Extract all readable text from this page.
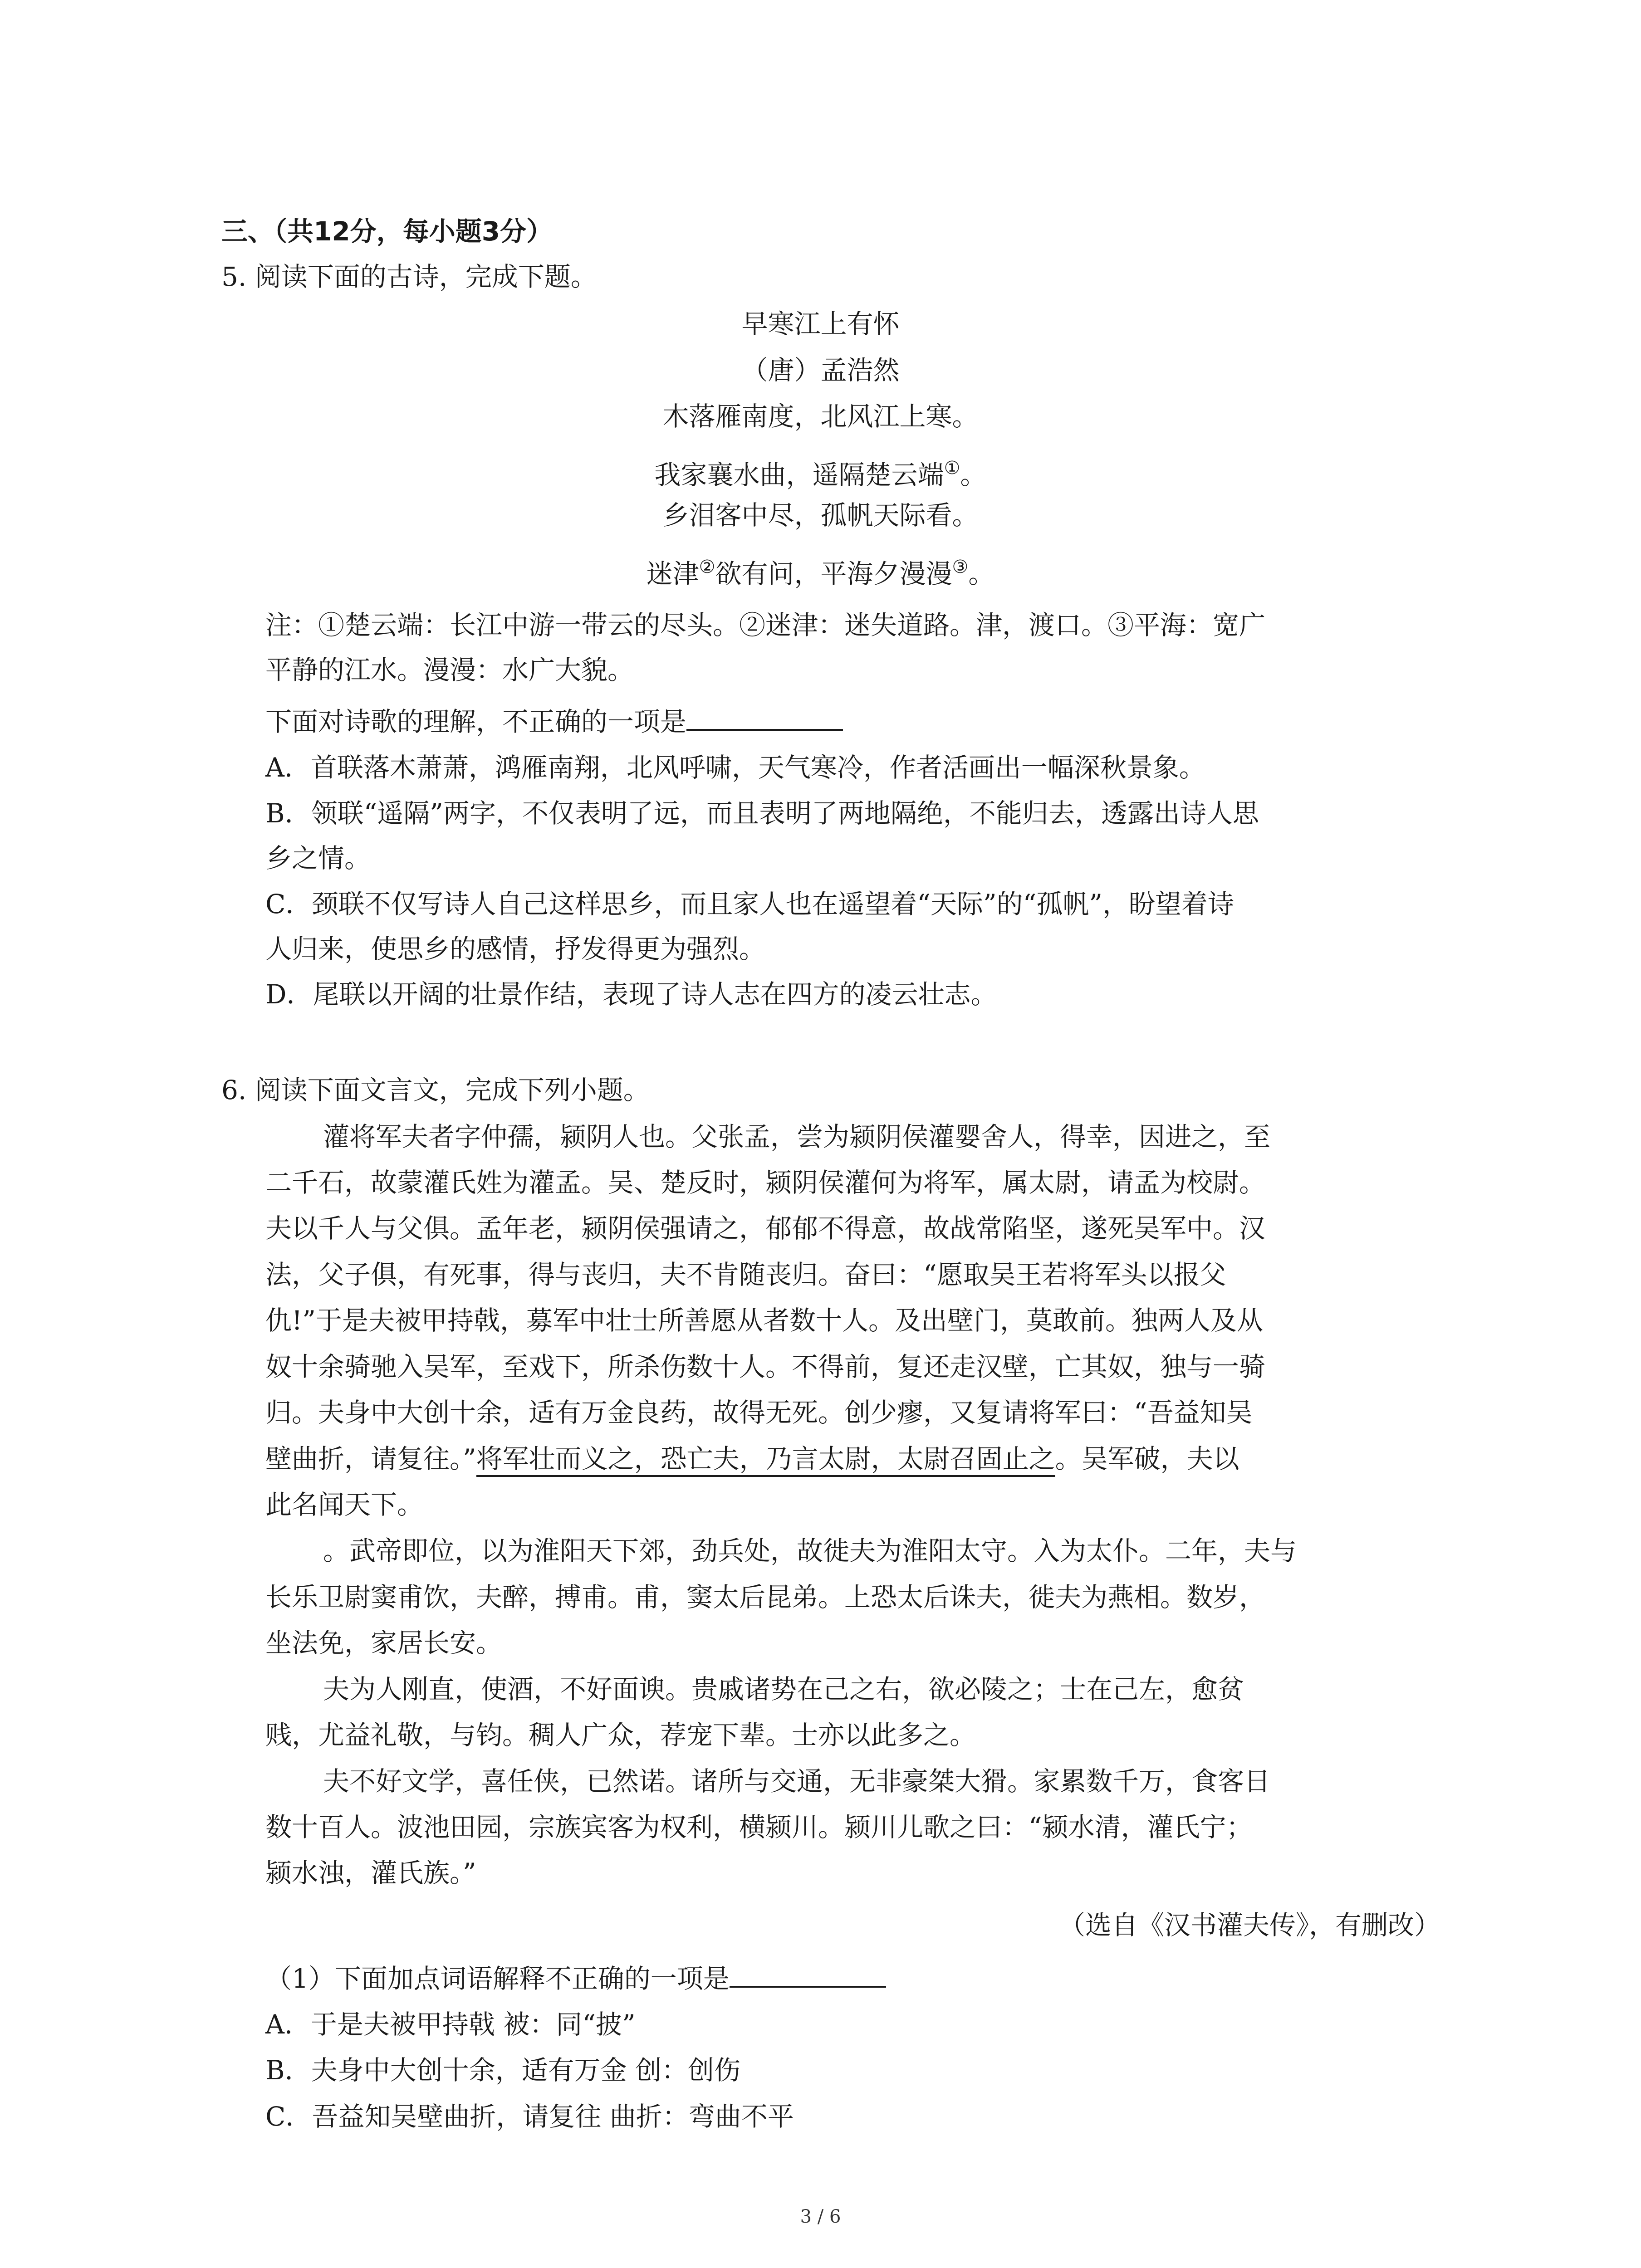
三、（共12分，每小题3分）
5. 阅读下面的古诗，完成下题。
早寒江上有怀
（唐）孟浩然
木落雁南度，北风江上寒。
我家襄水曲，遥隔楚云端①。
乡泪客中尽，孤帆天际看。
迷津②欲有问，平海夕漫漫③。
注：①楚云端：长江中游一带云的尽头。②迷津：迷失道路。津，渡口。③平海：宽广
平静的江水。漫漫：水广大貌。
下面对诗歌的理解，不正确的一项是
A．首联落木萧萧，鸿雁南翔，北风呼啸，天气寒冷，作者活画出一幅深秋景象。
B．领联“遥隔”两字，不仅表明了远，而且表明了两地隔绝，不能归去，透露出诗人思
乡之情。
C．颈联不仅写诗人自己这样思乡，而且家人也在遥望着“天际”的“孤帆”，盼望着诗
人归来，使思乡的感情，抒发得更为强烈。
D．尾联以开阔的壮景作结，表现了诗人志在四方的凌云壮志。
6. 阅读下面文言文，完成下列小题。
灌将军夫者字仲孺，颍阴人也。父张孟，尝为颍阴侯灌婴舍人，得幸，因进之，至
二千石，故蒙灌氏姓为灌孟。吴、楚反时，颍阴侯灌何为将军，属太尉，请孟为校尉。
夫以千人与父俱。孟年老，颍阴侯强请之，郁郁不得意，故战常陷坚，遂死吴军中。汉
法，父子俱，有死事，得与丧归，夫不肯随丧归。奋曰：“愿取吴王若将军头以报父
仇!”于是夫被甲持戟，募军中壮士所善愿从者数十人。及出壁门，莫敢前。独两人及从
奴十余骑驰入吴军，至戏下，所杀伤数十人。不得前，复还走汉壁，亡其奴，独与一骑
归。夫身中大创十余，适有万金良药，故得无死。创少瘳，又复请将军曰：“吾益知吴
壁曲折，请复往。”将军壮而义之，恐亡夫，乃言太尉，太尉召固止之。吴军破，夫以
此名闻天下。
。武帝即位，以为淮阳天下郊，劲兵处，故徙夫为淮阳太守。入为太仆。二年，夫与
长乐卫尉窦甫饮，夫醉，搏甫。甫，窦太后昆弟。上恐太后诛夫，徙夫为燕相。数岁，
坐法免，家居长安。
夫为人刚直，使酒，不好面谀。贵戚诸势在己之右，欲必陵之；士在己左，愈贫
贱，尤益礼敬，与钧。稠人广众，荐宠下辈。士亦以此多之。
夫不好文学，喜任侠，已然诺。诸所与交通，无非豪桀大猾。家累数千万，食客日
数十百人。波池田园，宗族宾客为权利，横颍川。颍川儿歌之曰：“颍水清，灌氏宁；
颍水浊，灌氏族。”
（选自《汉书灌夫传》，有删改）
（1）下面加点词语解释不正确的一项是
A．于是夫被甲持戟 被：同“披”
B．夫身中大创十余，适有万金 创：创伤
C．吾益知吴壁曲折，请复往 曲折：弯曲不平
3 / 6
